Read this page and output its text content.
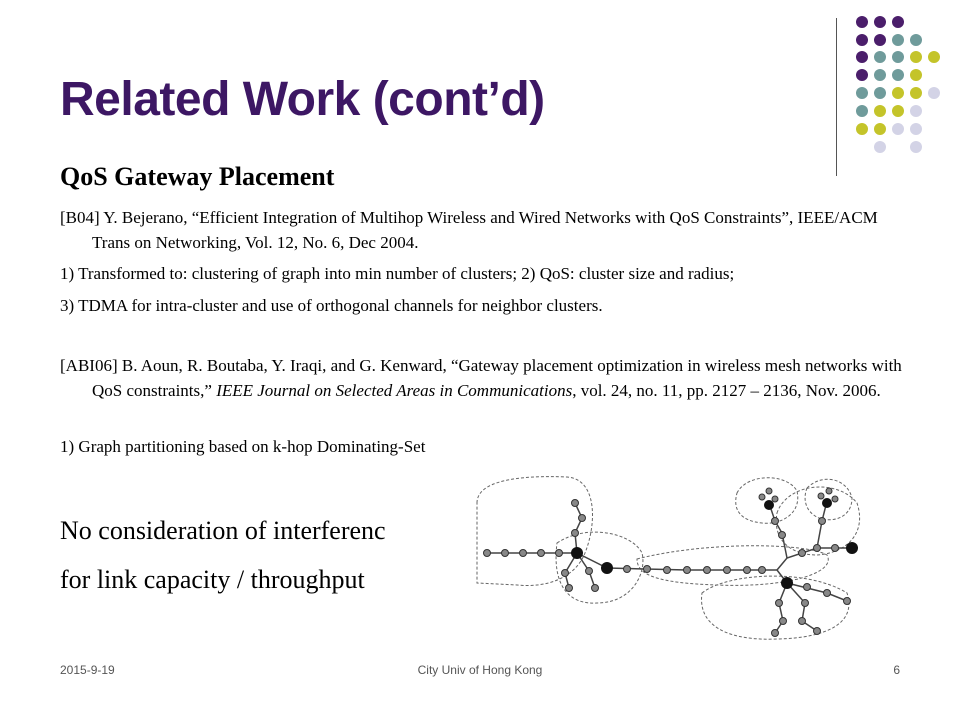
Related Work (cont’d)
QoS Gateway Placement
[B04] Y. Bejerano, “Efficient Integration of Multihop Wireless and Wired Networks with QoS Constraints”, IEEE/ACM Trans on Networking, Vol. 12, No. 6, Dec 2004.
1) Transformed to: clustering of graph into min number of clusters; 2) QoS: cluster size and radius;
3) TDMA for intra-cluster and use of orthogonal channels for neighbor clusters.
[ABI06] B. Aoun, R. Boutaba, Y. Iraqi, and G. Kenward, “Gateway placement optimization in wireless mesh networks with QoS constraints,” IEEE Journal on Selected Areas in Communications, vol. 24, no. 11, pp. 2127 – 2136, Nov. 2006.
1) Graph partitioning based on k-hop Dominating-Set
No consideration of interferenc
for link capacity / throughput
2015-9-19	City Univ of Hong Kong	6
